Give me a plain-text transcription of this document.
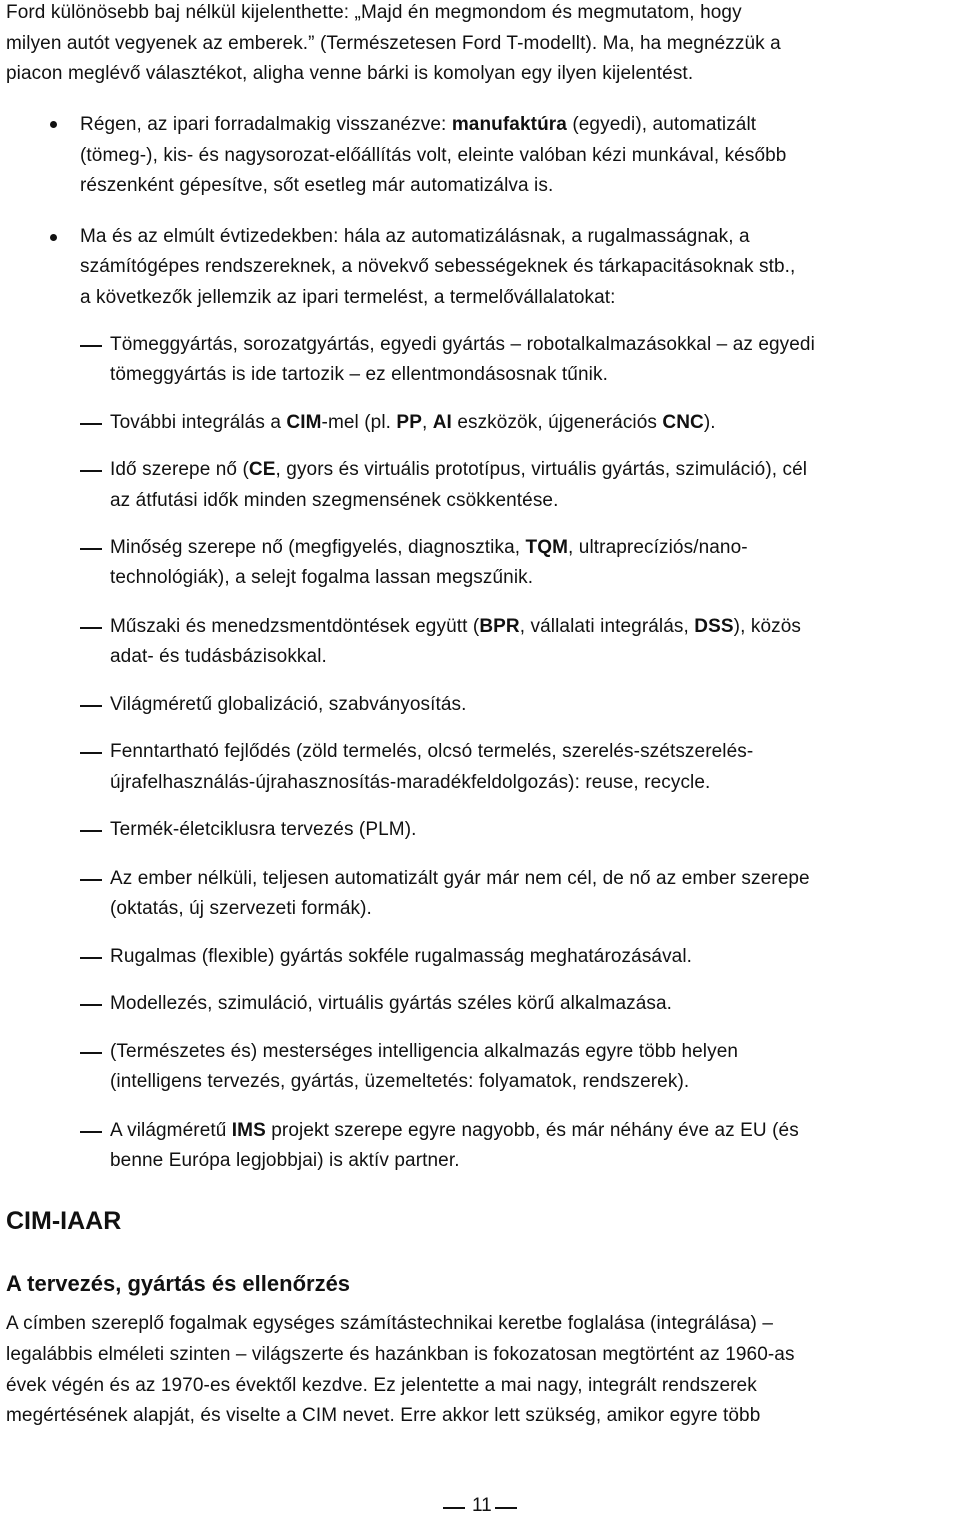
Ford különösebb baj nélkül kijelenthette: „Majd én megmondom és megmutatom, hogy
milyen autót vegyenek az emberek.” (Természetesen Ford T-modellt). Ma, ha megnézzük a
piacon meglévő választékot, aligha venne bárki is komolyan egy ilyen kijelentést.
Régen, az ipari forradalmakig visszanézve: manufaktúra (egyedi), automatizált
(tömeg-), kis- és nagysorozat-előállítás volt, eleinte valóban kézi munkával, később
részenként gépesítve, sőt esetleg már automatizálva is.
Ma és az elmúlt évtizedekben: hála az automatizálásnak, a rugalmasságnak, a
számítógépes rendszereknek, a növekvő sebességeknek és tárkapacitásoknak stb.,
a következők jellemzik az ipari termelést, a termelővállalatokat:
Tömeggyártás, sorozatgyártás, egyedi gyártás – robotalkalmazásokkal – az egyedi
tömeggyártás is ide tartozik – ez ellentmondásosnak tűnik.
További integrálás a CIM-mel (pl. PP, AI eszközök, újgenerációs CNC).
Idő szerepe nő (CE, gyors és virtuális prototípus, virtuális gyártás, szimuláció), cél
az átfutási idők minden szegmensének csökkentése.
Minőség szerepe nő (megfigyelés, diagnosztika, TQM, ultraprecíziós/nano-
technológiák), a selejt fogalma lassan megszűnik.
Műszaki és menedzsmentdöntések együtt (BPR, vállalati integrálás, DSS), közös
adat- és tudásbázisokkal.
Világméretű globalizáció, szabványosítás.
Fenntartható fejlődés (zöld termelés, olcsó termelés, szerelés-szétszerelés-
újrafelhasználás-újrahasznosítás-maradékfeldolgozás): reuse, recycle.
Termék-életciklusra tervezés (PLM).
Az ember nélküli, teljesen automatizált gyár már nem cél, de nő az ember szerepe
(oktatás, új szervezeti formák).
Rugalmas (flexible) gyártás sokféle rugalmasság meghatározásával.
Modellezés, szimuláció, virtuális gyártás széles körű alkalmazása.
(Természetes és) mesterséges intelligencia alkalmazás egyre több helyen
(intelligens tervezés, gyártás, üzemeltetés: folyamatok, rendszerek).
A világméretű IMS projekt szerepe egyre nagyobb, és már néhány éve az EU (és
benne Európa legjobbjai) is aktív partner.
CIM-IAAR
A tervezés, gyártás és ellenőrzés
A címben szereplő fogalmak egységes számítástechnikai keretbe foglalása (integrálása) –
legalábbis elméleti szinten – világszerte és hazánkban is fokozatosan megtörtént az 1960-as
évek végén és az 1970-es évektől kezdve. Ez jelentette a mai nagy, integrált rendszerek
megértésének alapját, és viselte a CIM nevet. Erre akkor lett szükség, amikor egyre több
11
